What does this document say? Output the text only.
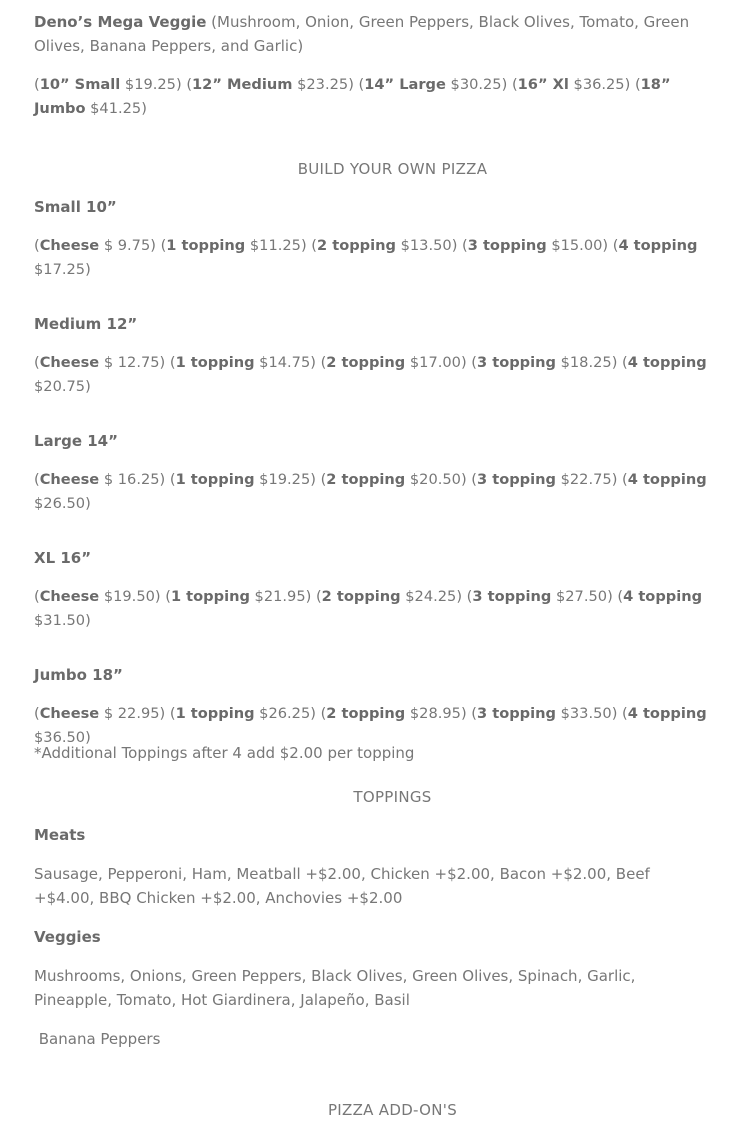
Deno’s Mega Veggie (Mushroom, Onion, Green Peppers, Black Olives, Tomato, Green Olives, Banana Peppers, and Garlic)

(10” Small $19.25) (12” Medium $23.25) (14” Large $30.25) (16” Xl $36.25) (18” Jumbo $41.25)

BUILD YOUR OWN PIZZA

Small 10”

(Cheese $ 9.75) (1 topping $11.25) (2 topping $13.50) (3 topping $15.00) (4 topping $17.25)

Medium 12”

(Cheese $ 12.75) (1 topping $14.75) (2 topping $17.00) (3 topping $18.25) (4 topping $20.75)

Large 14”

(Cheese $ 16.25) (1 topping $19.25) (2 topping $20.50) (3 topping $22.75) (4 topping $26.50)

XL 16”

(Cheese $19.50) (1 topping $21.95) (2 topping $24.25) (3 topping $27.50) (4 topping $31.50)

Jumbo 18”

(Cheese $ 22.95) (1 topping $26.25) (2 topping $28.95) (3 topping $33.50) (4 topping $36.50)

*Additional Toppings after 4 add $2.00 per topping

TOPPINGS

Meats

Sausage, Pepperoni, Ham, Meatball +$2.00, Chicken +$2.00, Bacon +$2.00, Beef +$4.00, BBQ Chicken +$2.00, Anchovies +$2.00

Veggies

Mushrooms, Onions, Green Peppers, Black Olives, Green Olives, Spinach, Garlic, Pineapple, Tomato, Hot Giardinera, Jalapeño, Basil

Banana Peppers

PIZZA ADD-ON'S
